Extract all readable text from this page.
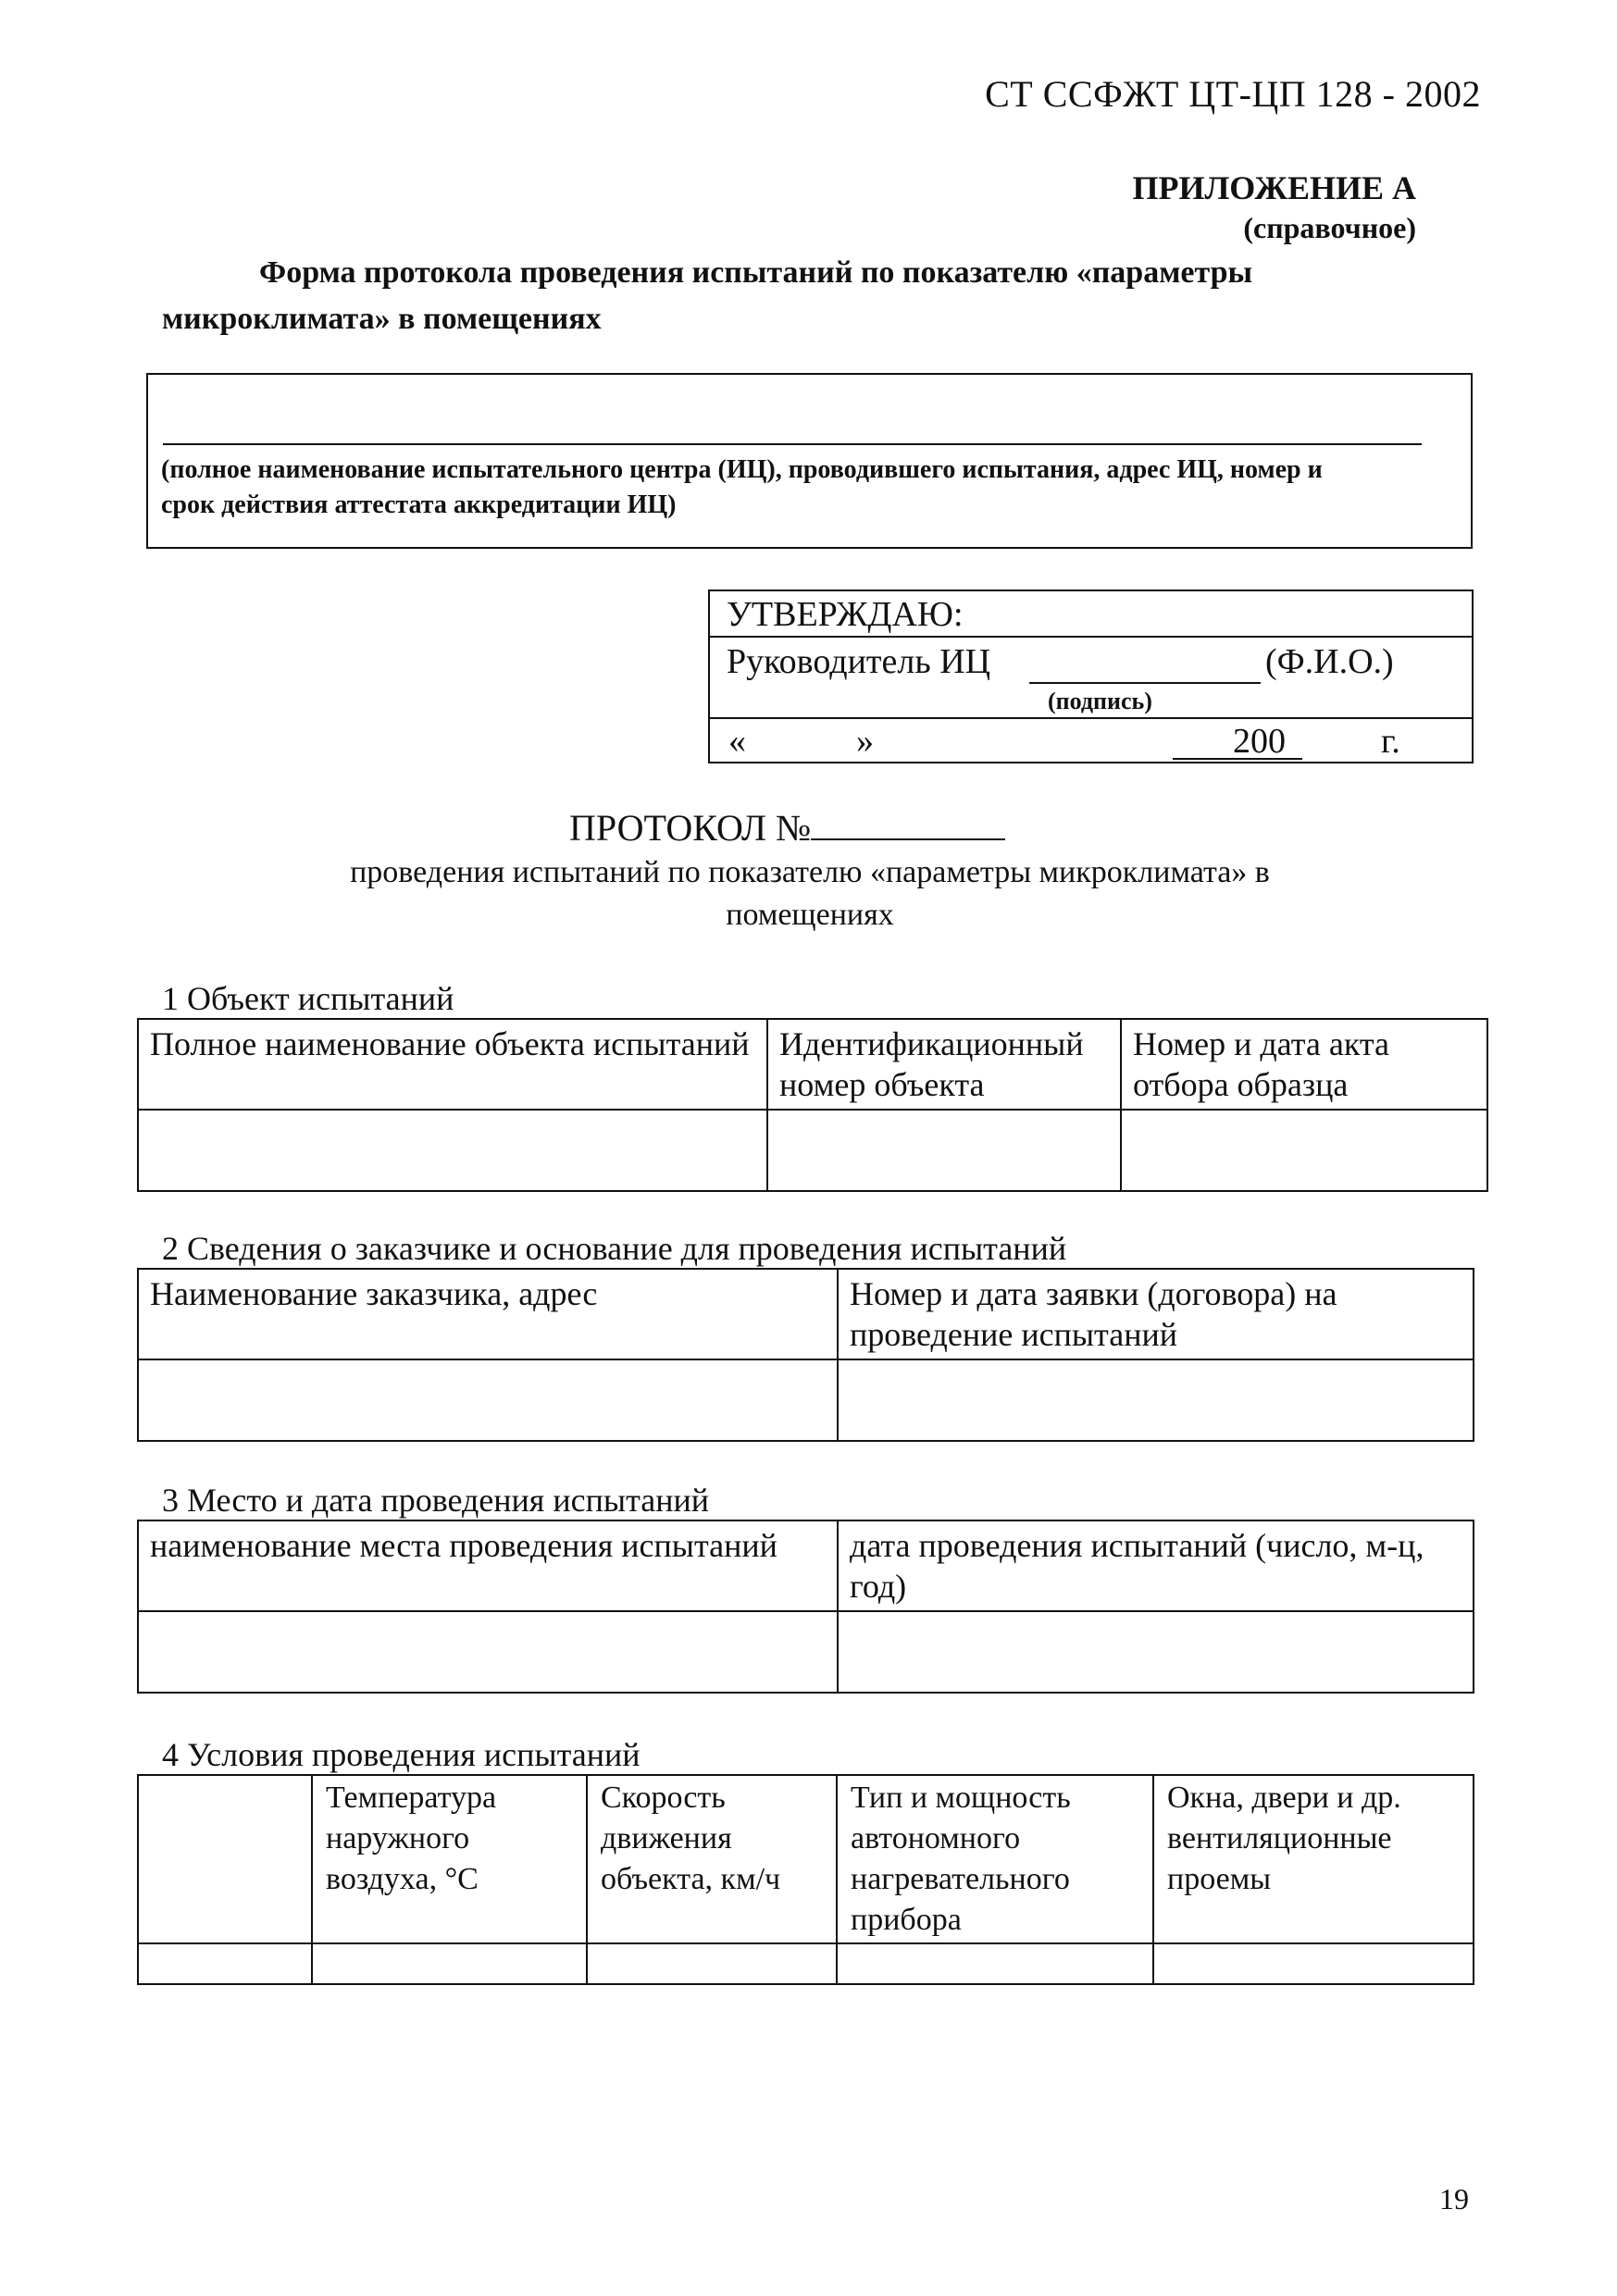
СТ ССФЖТ ЦТ-ЦП 128 - 2002
ПРИЛОЖЕНИЕ А
(справочное)
Форма протокола проведения испытаний по показателю «параметры
микроклимата» в помещениях
(полное наименование испытательного центра (ИЦ), проводившего испытания, адрес ИЦ, номер и
срок действия аттестата аккредитации ИЦ)
УТВЕРЖДАЮ:
Руководитель ИЦ	(Ф.И.О.)
(подпись)
«	»	200	г.
ПРОТОКОЛ №
проведения испытаний по показателю «параметры микроклимата» в
помещениях
1 Объект испытаний
Полное наименование объекта испытаний	Идентификационный номер объекта	Номер и дата акта отбора образца

2 Сведения о заказчике и основание для проведения испытаний
Наименование заказчика, адрес	Номер и дата заявки (договора) на проведение испытаний

3 Место и дата проведения испытаний
наименование места проведения испытаний	дата проведения испытаний (число, м-ц, год)

4 Условия проведения испытаний
	Температура наружного воздуха, °С	Скорость движения объекта, км/ч	Тип и мощность автономного нагревательного прибора	Окна, двери и др. вентиляционные проемы

19
